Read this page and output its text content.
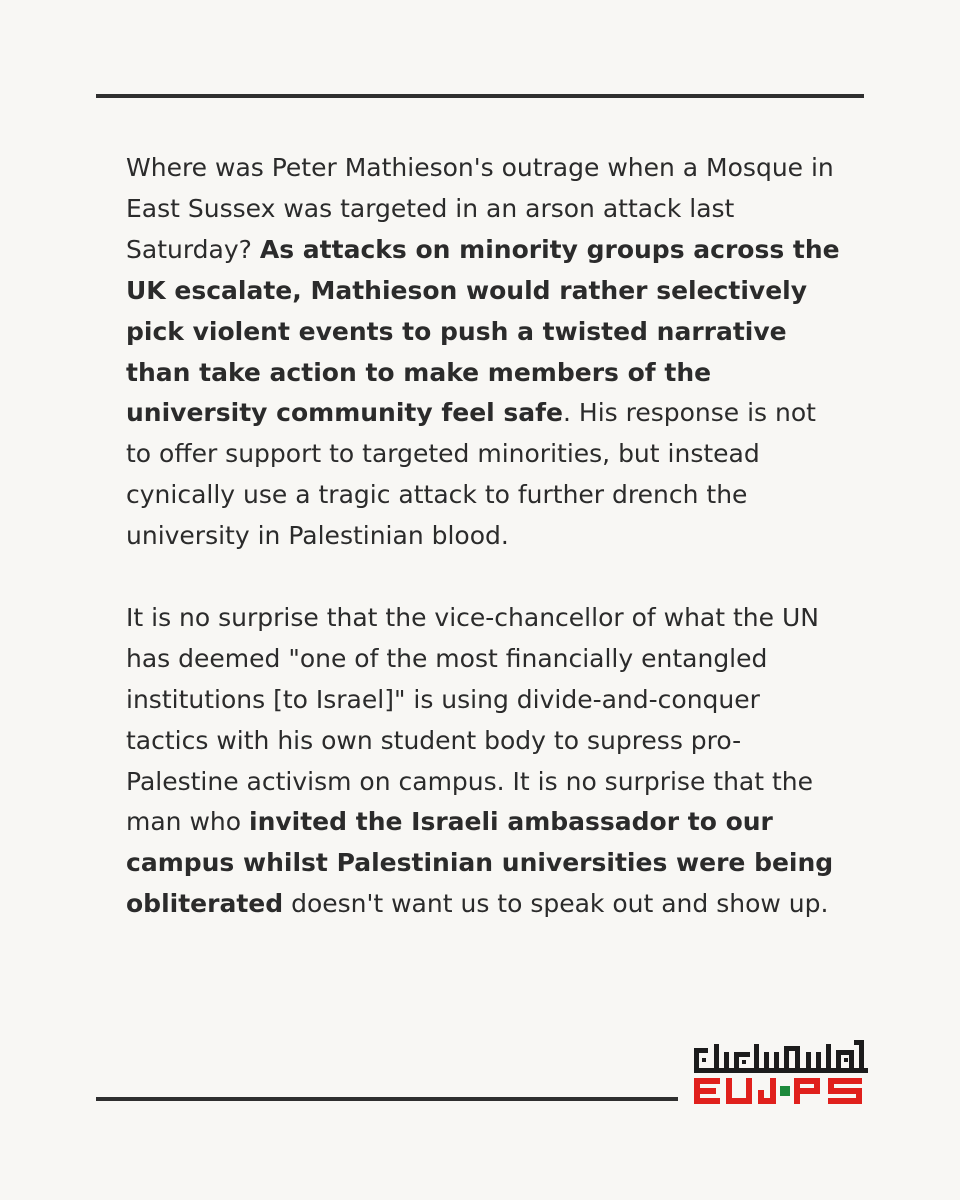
Where was Peter Mathieson's outrage when a Mosque in East Sussex was targeted in an arson attack last Saturday? As attacks on minority groups across the UK escalate, Mathieson would rather selectively pick violent events to push a twisted narrative than take action to make members of the university community feel safe. His response is not to offer support to targeted minorities, but instead cynically use a tragic attack to further drench the university in Palestinian blood.

It is no surprise that the vice-chancellor of what the UN has deemed "one of the most financially entangled institutions [to Israel]" is using divide-and-conquer tactics with his own student body to supress pro-Palestine activism on campus. It is no surprise that the man who invited the Israeli ambassador to our campus whilst Palestinian universities were being obliterated doesn't want us to speak out and show up.
